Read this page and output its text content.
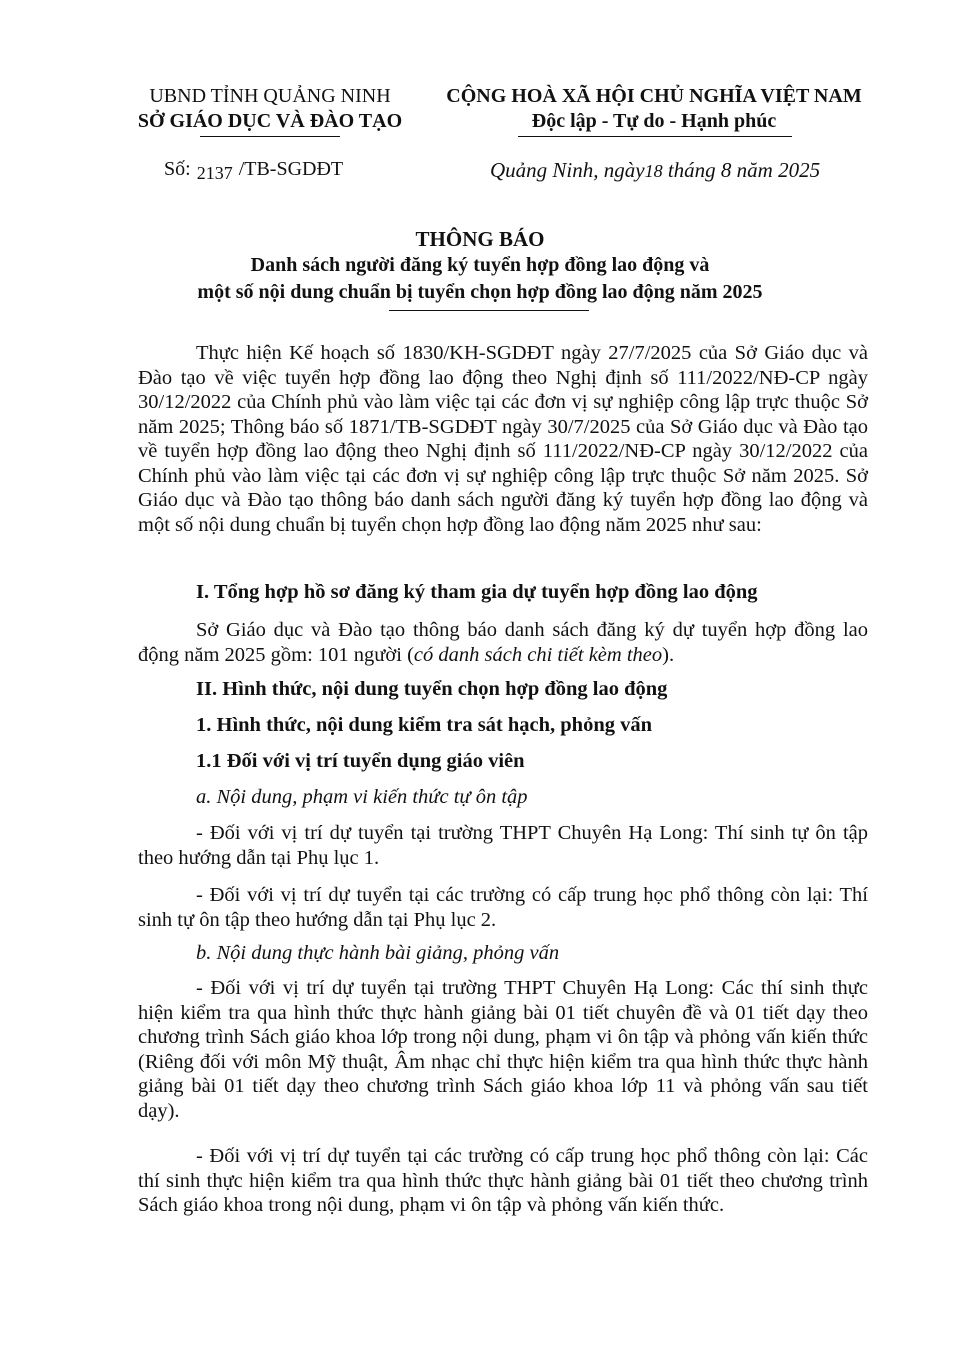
UBND TỈNH QUẢNG NINH
SỞ GIÁO DỤC VÀ ĐÀO TẠO
CỘNG HOÀ XÃ HỘI CHỦ NGHĨA VIỆT NAM
Độc lập - Tự do - Hạnh phúc
Số: 2137 /TB-SGDĐT	Quảng Ninh, ngày18 tháng 8 năm 2025
THÔNG BÁO
Danh sách người đăng ký tuyển hợp đồng lao động và
một số nội dung chuẩn bị tuyển chọn hợp đồng lao động năm 2025
Thực hiện Kế hoạch số 1830/KH-SGDĐT ngày 27/7/2025 của Sở Giáo dục và Đào tạo về việc tuyển hợp đồng lao động theo Nghị định số 111/2022/NĐ-CP ngày 30/12/2022 của Chính phủ vào làm việc tại các đơn vị sự nghiệp công lập trực thuộc Sở năm 2025; Thông báo số 1871/TB-SGDĐT ngày 30/7/2025 của Sở Giáo dục và Đào tạo về tuyển hợp đồng lao động theo Nghị định số 111/2022/NĐ-CP ngày 30/12/2022 của Chính phủ vào làm việc tại các đơn vị sự nghiệp công lập trực thuộc Sở năm 2025. Sở Giáo dục và Đào tạo thông báo danh sách người đăng ký tuyển hợp đồng lao động và một số nội dung chuẩn bị tuyển chọn hợp đồng lao động năm 2025 như sau:
I. Tổng hợp hồ sơ đăng ký tham gia dự tuyển hợp đồng lao động
Sở Giáo dục và Đào tạo thông báo danh sách đăng ký dự tuyển hợp đồng lao động năm 2025 gồm: 101 người (có danh sách chi tiết kèm theo).
II. Hình thức, nội dung tuyển chọn hợp đồng lao động
1. Hình thức, nội dung kiểm tra sát hạch, phỏng vấn
1.1 Đối với vị trí tuyển dụng giáo viên
a. Nội dung, phạm vi kiến thức tự ôn tập
- Đối với vị trí dự tuyển tại trường THPT Chuyên Hạ Long: Thí sinh tự ôn tập theo hướng dẫn tại Phụ lục 1.
- Đối với vị trí dự tuyển tại các trường có cấp trung học phổ thông còn lại: Thí sinh tự ôn tập theo hướng dẫn tại Phụ lục 2.
b. Nội dung thực hành bài giảng, phỏng vấn
- Đối với vị trí dự tuyển tại trường THPT Chuyên Hạ Long: Các thí sinh thực hiện kiểm tra qua hình thức thực hành giảng bài 01 tiết chuyên đề và 01 tiết dạy theo chương trình Sách giáo khoa lớp trong nội dung, phạm vi ôn tập và phỏng vấn kiến thức (Riêng đối với môn Mỹ thuật, Âm nhạc chỉ thực hiện kiểm tra qua hình thức thực hành giảng bài 01 tiết dạy theo chương trình Sách giáo khoa lớp 11 và phỏng vấn sau tiết dạy).
- Đối với vị trí dự tuyển tại các trường có cấp trung học phổ thông còn lại: Các thí sinh thực hiện kiểm tra qua hình thức thực hành giảng bài 01 tiết theo chương trình Sách giáo khoa trong nội dung, phạm vi ôn tập và phỏng vấn kiến thức.
